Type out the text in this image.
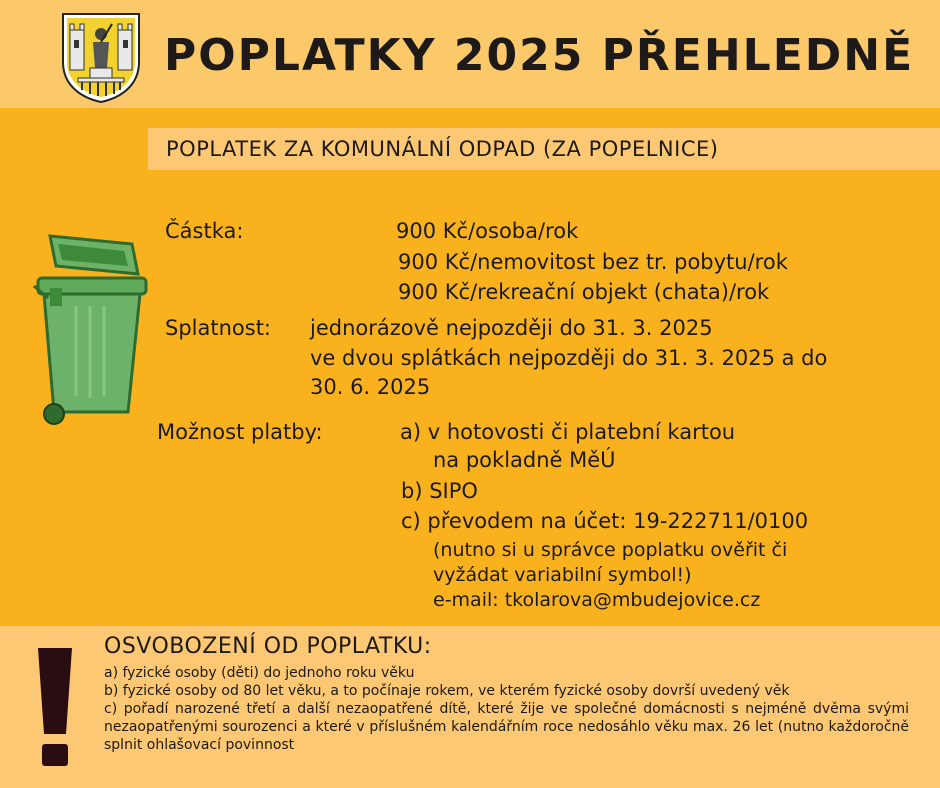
POPLATKY 2025 PŘEHLEDNĚ
POPLATEK ZA KOMUNÁLNÍ ODPAD (ZA POPELNICE)
Částka:	900 Kč/osoba/rok
900 Kč/nemovitost bez tr. pobytu/rok
900 Kč/rekreační objekt (chata)/rok
Splatnost: jednorázově nejpozději do 31. 3. 2025
ve dvou splátkách nejpozději do 31. 3. 2025 a do
30. 6. 2025
Možnost platby:	a) v hotovosti či platební kartou
na pokladně MěÚ
b) SIPO
c) převodem na účet: 19-222711/0100
(nutno si u správce poplatku ověřit či
vyžádat variabilní symbol!)
e-mail: tkolarova@mbudejovice.cz
OSVOBOZENÍ OD POPLATKU:

a) fyzické osoby (děti) do jednoho roku věku

b) fyzické osoby od 80 let věku, a to počínaje rokem, ve kterém fyzické osoby dovrší uvedený věk

c) pořadí narozené třetí a další nezaopatřené dítě, které žije ve společné domácnosti s nejméně dvěma svými nezaopatřenými sourozenci a které v příslušném kalendářním roce nedosáhlo věku max. 26 let (nutno každoročně splnit ohlašovací povinnost
